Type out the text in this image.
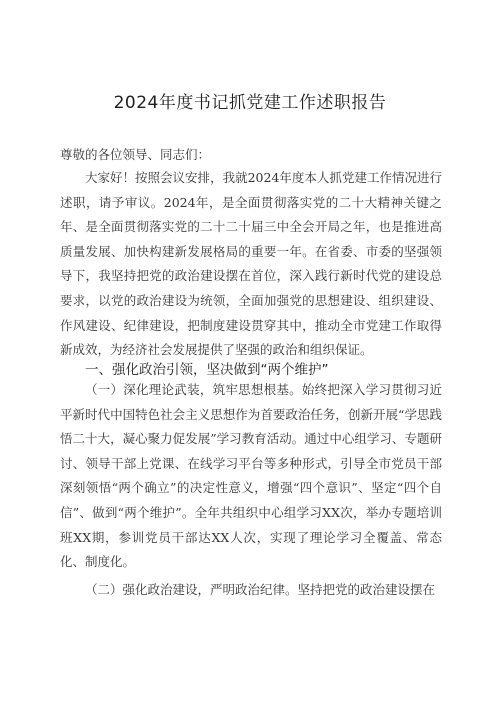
2024年度书记抓党建工作述职报告
尊敬的各位领导、同志们：

大家好！按照会议安排，我就2024年度本人抓党建工作情况进行述职，请予审议。2024年，是全面贯彻落实党的二十大精神关键之年、是全面贯彻落实党的二十二十届三中全会开局之年，也是推进高质量发展、加快构建新发展格局的重要一年。在省委、市委的坚强领导下，我坚持把党的政治建设摆在首位，深入践行新时代党的建设总要求，以党的政治建设为统领，全面加强党的思想建设、组织建设、作风建设、纪律建设，把制度建设贯穿其中，推动全市党建工作取得新成效，为经济社会发展提供了坚强的政治和组织保证。

一、强化政治引领，坚决做到“两个维护”

（一）深化理论武装，筑牢思想根基。始终把深入学习贯彻习近平新时代中国特色社会主义思想作为首要政治任务，创新开展“学思践悟二十大，凝心聚力促发展”学习教育活动。通过中心组学习、专题研讨、领导干部上党课、在线学习平台等多种形式，引导全市党员干部深刻领悟“两个确立”的决定性意义，增强“四个意识”、坚定“四个自信”、做到“两个维护”。全年共组织中心组学习XX次，举办专题培训班XX期，参训党员干部达XX人次，实现了理论学习全覆盖、常态化、制度化。

（二）强化政治建设，严明政治纪律。坚持把党的政治建设摆在
